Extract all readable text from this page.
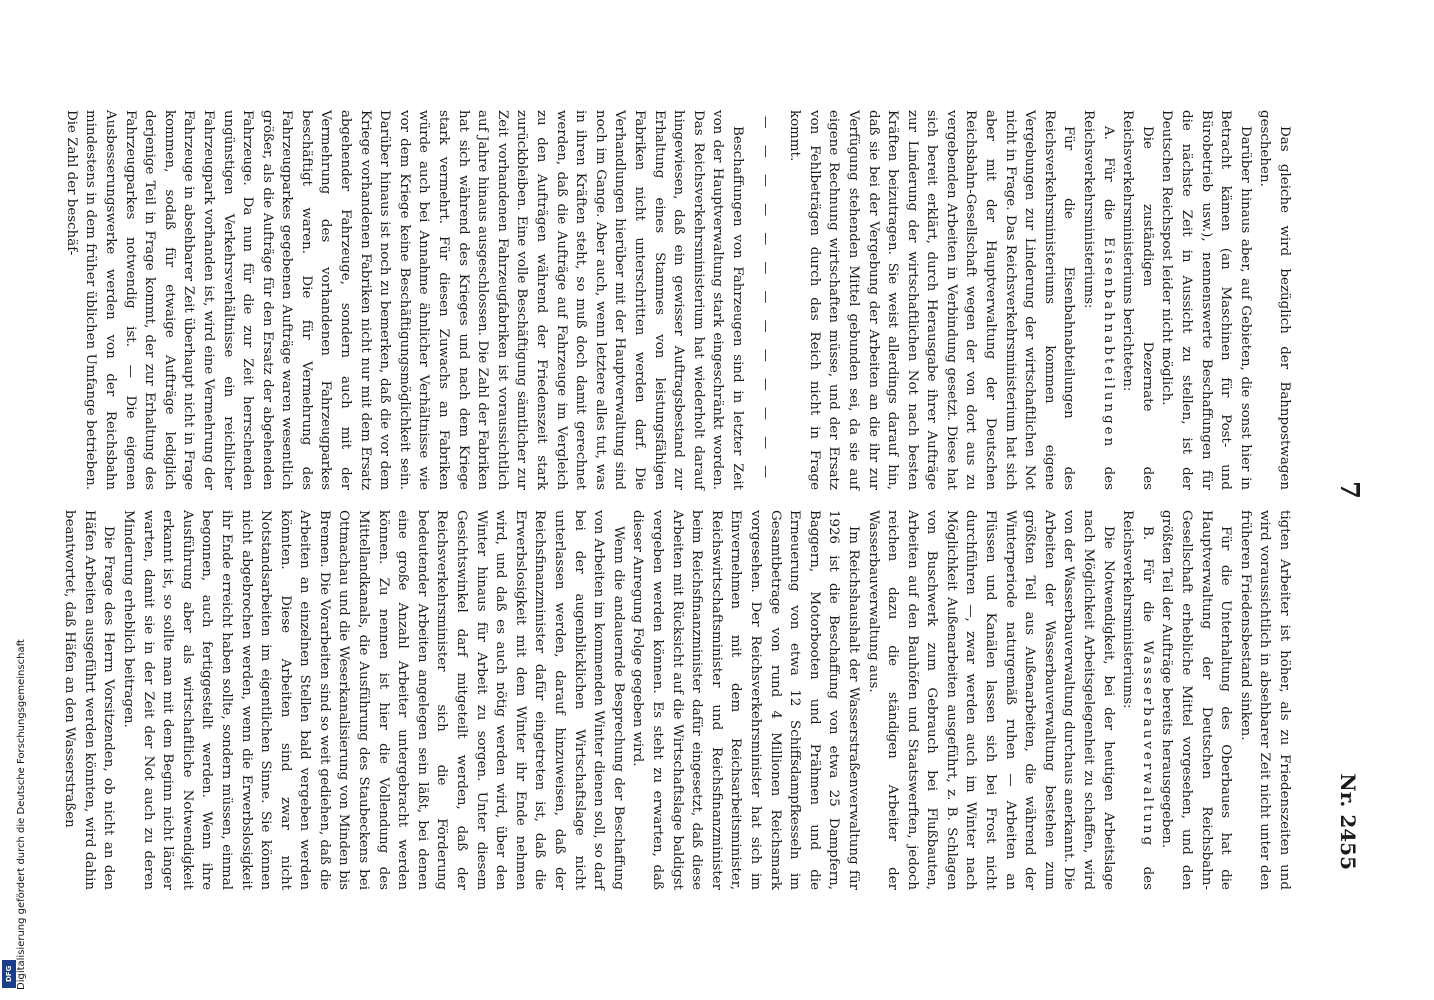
7
Nr. 2455

Das gleiche wird bezüglich der Bahnpostwagen geschehen.

Darüber hinaus aber, auf Gebieten, die sonst hier in Betracht kämen (an Maschinen für Post- und Bürobetrieb usw.), nennenswerte Beschaffungen für die nächste Zeit in Aussicht zu stellen, ist der Deutschen Reichspost leider nicht möglich.

Die zuständigen Dezernate des Reichsverkehrsministeriums berichteten:

A. Für die Eisenbahnabteilungen des Reichsverkehrsministeriums:

Für die Eisenbahnabteilungen des Reichsverkehrsministeriums kommen eigene Vergebungen zur Linderung der wirtschaftlichen Not nicht in Frage. Das Reichsverkehrsministerium hat sich aber mit der Hauptverwaltung der Deutschen Reichsbahn-Gesellschaft wegen der von dort aus zu vergebenden Arbeiten in Verbindung gesetzt. Diese hat sich bereit erklärt, durch Herausgabe ihrer Aufträge zur Linderung der wirtschaftlichen Not nach besten Kräften beizutragen. Sie weist allerdings darauf hin, daß sie bei der Vergebung der Arbeiten an die ihr zur Verfügung stehenden Mittel gebunden sei, da sie auf eigene Rechnung wirtschaften müsse, und der Ersatz von Fehlbeträgen durch das Reich nicht in Frage kommt.

— — — — — — — — — — — — —

Beschaffungen von Fahrzeugen sind in letzter Zeit von der Hauptverwaltung stark eingeschränkt worden. Das Reichsverkehrsministerium hat wiederholt darauf hingewiesen, daß ein gewisser Auftragsbestand zur Erhaltung eines Stammes von leistungsfähigen Fabriken nicht unterschritten werden darf. Die Verhandlungen hierüber mit der Hauptverwaltung sind noch im Gange. Aber auch, wenn letztere alles tut, was in ihren Kräften steht, so muß doch damit gerechnet werden, daß die Aufträge auf Fahrzeuge im Vergleich zu den Aufträgen während der Friedenszeit stark zurückbleiben. Eine volle Beschäftigung sämtlicher zur Zeit vorhandenen Fahrzeugfabriken ist voraussichtlich auf Jahre hinaus ausgeschlossen. Die Zahl der Fabriken hat sich während des Krieges und nach dem Kriege stark vermehrt. Für diesen Zuwachs an Fabriken würde auch bei Annahme ähnlicher Verhältnisse wie vor dem Kriege keine Beschäftigungsmöglichkeit sein. Darüber hinaus ist noch zu bemerken, daß die vor dem Kriege vorhandenen Fabriken nicht nur mit dem Ersatz abgehender Fahrzeuge, sondern auch mit der Vermehrung des vorhandenen Fahrzeugparkes beschäftigt waren. Die für Vermehrung des Fahrzeugparkes gegebenen Aufträge waren wesentlich größer, als die Aufträge für den Ersatz der abgehenden Fahrzeuge. Da nun für die zur Zeit herrschenden ungünstigen Verkehrsverhältnisse ein reichlicher Fahrzeugpark vorhanden ist, wird eine Vermehrung der Fahrzeuge in absehbarer Zeit überhaupt nicht in Frage kommen, sodaß für etwaige Aufträge lediglich derjenige Teil in Frage kommt, der zur Erhaltung des Fahrzeugparkes notwendig ist. — Die eigenen Ausbesserungswerke werden von der Reichsbahn mindestens in dem früher üblichen Umfange betrieben. Die Zahl der beschäf-

tigten Arbeiter ist höher, als zu Friedenszeiten und wird voraussichtlich in absehbarer Zeit nicht unter den früheren Friedensbestand sinken.

Für die Unterhaltung des Oberbaues hat die Hauptverwaltung der Deutschen Reichsbahn-Gesellschaft erhebliche Mittel vorgesehen, und den größten Teil der Aufträge bereits herausgegeben.

B. Für die Wasserbauverwaltung des Reichsverkehrsministeriums:

Die Notwendigkeit, bei der heutigen Arbeitslage nach Möglichkeit Arbeitsgelegenheit zu schaffen, wird von der Wasserbauverwaltung durchaus anerkannt. Die Arbeiten der Wasserbauverwaltung bestehen zum größten Teil aus Außenarbeiten, die während der Winterperiode naturgemäß ruhen — Arbeiten an Flüssen und Kanälen lassen sich bei Frost nicht durchführen —, zwar werden auch im Winter nach Möglichkeit Außenarbeiten ausgeführt, z. B. Schlagen von Buschwerk zum Gebrauch bei Flußbauten, Arbeiten auf den Bauhöfen und Staatswerften, jedoch reichen dazu die ständigen Arbeiter der Wasserbauverwaltung aus.

Im Reichshaushalt der Wasserstraßenverwaltung für 1926 ist die Beschaffung von etwa 25 Dampfern, Baggern, Motorbooten und Prähmen und die Erneuerung von etwa 12 Schiffsdampfkesseln im Gesamtbetrage von rund 4 Millionen Reichsmark vorgesehen. Der Reichsverkehrsminister hat sich im Einvernehmen mit dem Reichsarbeitsminister, Reichswirtschaftsminister und Reichsfinanzminister beim Reichsfinanzminister dafür eingesetzt, daß diese Arbeiten mit Rücksicht auf die Wirtschaftslage baldigst vergeben werden können. Es steht zu erwarten, daß dieser Anregung Folge gegeben wird.

Wenn die andauernde Besprechung der Beschaffung von Arbeiten im kommenden Winter dienen soll, so darf bei der augenblicklichen Wirtschaftslage nicht unterlassen werden, darauf hinzuweisen, daß der Reichsfinanzminister dafür eingetreten ist, daß die Erwerbslosigkeit mit dem Winter ihr Ende nehmen wird, und daß es auch nötig werden wird, über den Winter hinaus für Arbeit zu sorgen. Unter diesem Gesichtswinkel darf mitgeteilt werden, daß der Reichsverkehrsminister sich die Förderung bedeutender Arbeiten angelegen sein läßt, bei denen eine große Anzahl Arbeiter untergebracht werden können. Zu nennen ist hier die Vollendung des Mittellandkanals, die Ausführung des Staubeckens bei Ottmachau und die Weserkanalisierung von Minden bis Bremen. Die Vorarbeiten sind so weit gediehen, daß die Arbeiten an einzelnen Stellen bald vergeben werden könnten. Diese Arbeiten sind zwar nicht Notstandsarbeiten im eigentlichen Sinne. Sie können nicht abgebrochen werden, wenn die Erwerbslosigkeit ihr Ende erreicht haben sollte, sondern müssen, einmal begonnen, auch fertiggestellt werden. Wenn ihre Ausführung aber als wirtschaftliche Notwendigkeit erkannt ist, so sollte man mit dem Beginn nicht länger warten, damit sie in der Zeit der Not auch zu deren Minderung erheblich beitragen.

Die Frage des Herrn Vorsitzenden, ob nicht an den Häfen Arbeiten ausgeführt werden könnten, wird dahin beantwortet, daß Häfen an den Wasserstraßen

Digitalisierung gefördert durch die Deutsche Forschungsgemeinschaft
DFG
